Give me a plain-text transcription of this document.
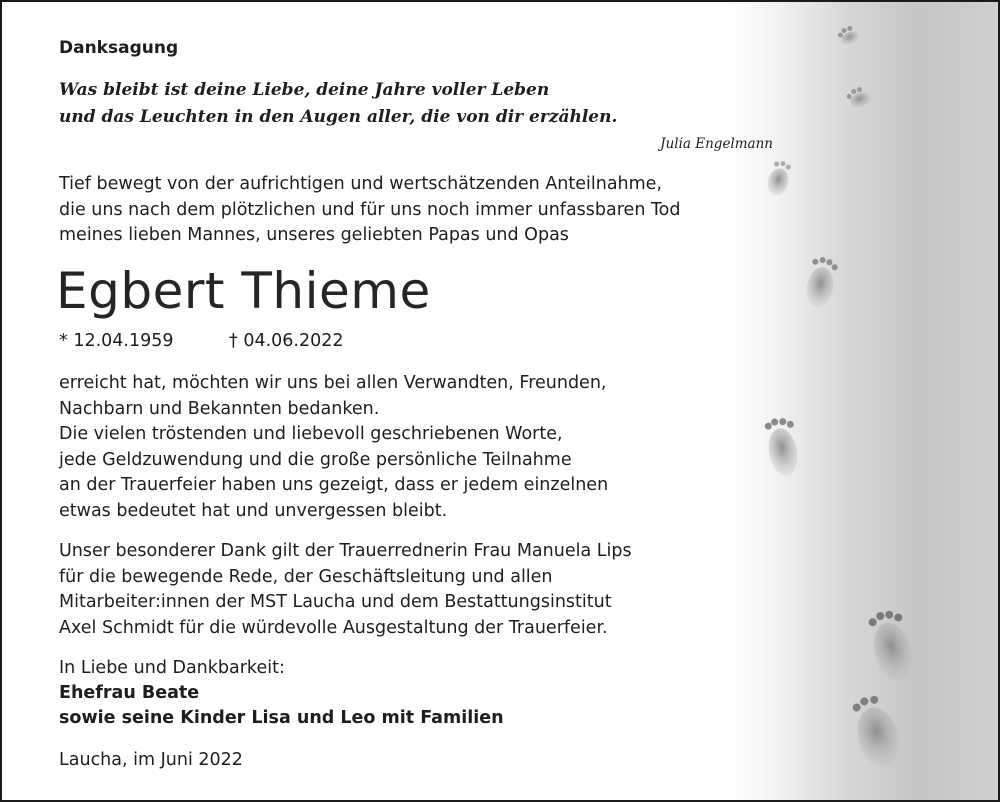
Danksagung
Was bleibt ist deine Liebe, deine Jahre voller Leben
und das Leuchten in den Augen aller, die von dir erzählen.

Julia Engelmann

Tief bewegt von der aufrichtigen und wertschätzenden Anteilnahme,
die uns nach dem plötzlichen und für uns noch immer unfassbaren Tod
meines lieben Mannes, unseres geliebten Papas und Opas

Egbert Thieme
* 12.04.1959	† 04.06.2022

erreicht hat, möchten wir uns bei allen Verwandten, Freunden,
Nachbarn und Bekannten bedanken.
Die vielen tröstenden und liebevoll geschriebenen Worte,
jede Geldzuwendung und die große persönliche Teilnahme
an der Trauerfeier haben uns gezeigt, dass er jedem einzelnen
etwas bedeutet hat und unvergessen bleibt.

Unser besonderer Dank gilt der Trauerrednerin Frau Manuela Lips
für die bewegende Rede, der Geschäftsleitung und allen
Mitarbeiter:innen der MST Laucha und dem Bestattungsinstitut
Axel Schmidt für die würdevolle Ausgestaltung der Trauerfeier.

In Liebe und Dankbarkeit:
Ehefrau Beate
sowie seine Kinder Lisa und Leo mit Familien

Laucha, im Juni 2022
